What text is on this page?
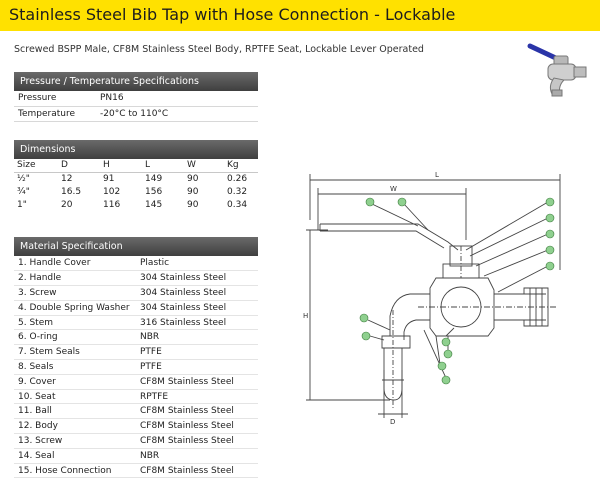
Stainless Steel Bib Tap with Hose Connection - Lockable
Screwed BSPP Male, CF8M Stainless Steel Body, RPTFE Seat, Lockable Lever Operated
Pressure / Temperature Specifications
Pressure	PN16
Temperature	-20°C to 110°C
Dimensions
Size	D	H	L	W	Kg
½"	12	91	149	90	0.26
¾"	16.5	102	156	90	0.32
1"	20	116	145	90	0.34
Material Specification
1. Handle Cover	Plastic
2. Handle	304 Stainless Steel
3. Screw	304 Stainless Steel
4. Double Spring Washer	304 Stainless Steel
5. Stem	316 Stainless Steel
6. O-ring	NBR
7. Stem Seals	PTFE
8. Seals	PTFE
9. Cover	CF8M Stainless Steel
10. Seat	RPTFE
11. Ball	CF8M Stainless Steel
12. Body	CF8M Stainless Steel
13. Screw	CF8M Stainless Steel
14. Seal	NBR
15. Hose Connection	CF8M Stainless Steel
L
W
H
D
